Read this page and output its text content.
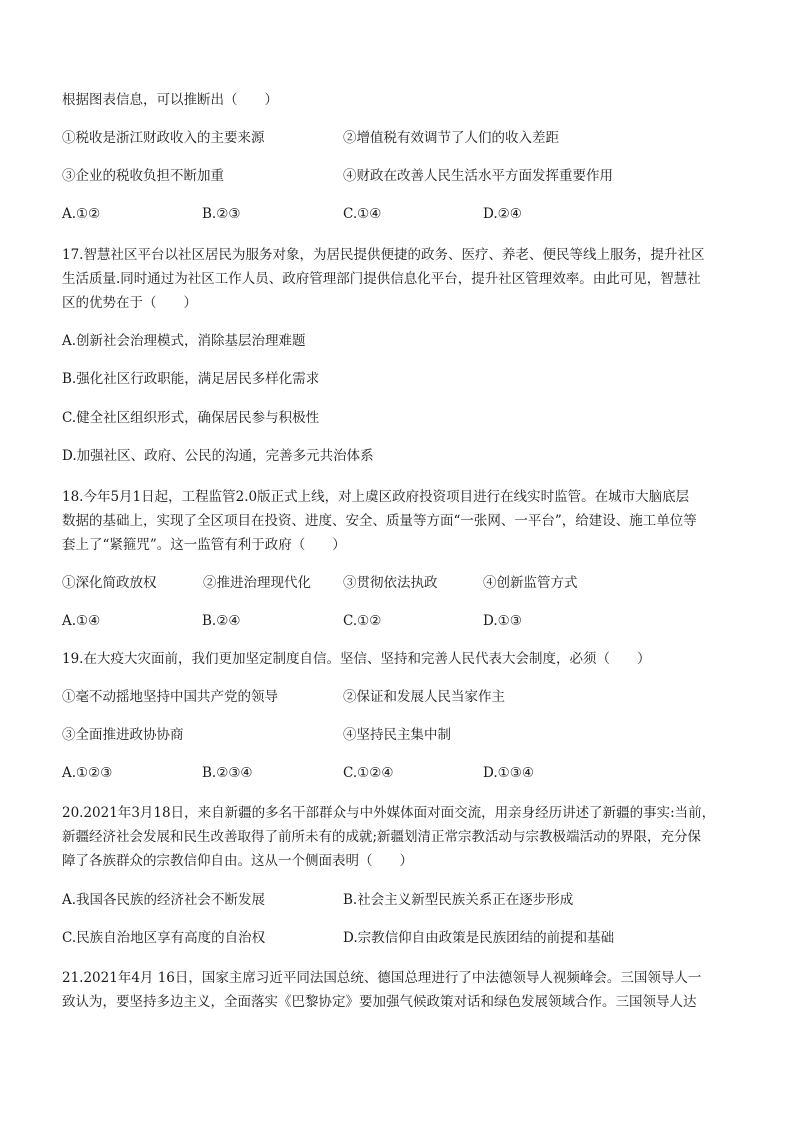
根据图表信息，可以推断出（　　）
①税收是浙江财政收入的主要来源	②增值税有效调节了人们的收入差距
③企业的税收负担不断加重	④财政在改善人民生活水平方面发挥重要作用
A.①②	B.②③	C.①④	D.②④
17.智慧社区平台以社区居民为服务对象，为居民提供便捷的政务、医疗、养老、便民等线上服务，提升社区
生活质量.同时通过为社区工作人员、政府管理部门提供信息化平台，提升社区管理效率。由此可见，智慧社
区的优势在于（　　）
A.创新社会治理模式，消除基层治理难题
B.强化社区行政职能，满足居民多样化需求
C.健全社区组织形式，确保居民参与积极性
D.加强社区、政府、公民的沟通，完善多元共治体系
18.今年5月1日起，工程监管2.0版正式上线，对上虞区政府投资项目进行在线实时监管。在城市大脑底层
数据的基础上，实现了全区项目在投资、进度、安全、质量等方面“一张网、一平台”，给建设、施工单位等
套上了“紧箍咒”。这一监管有利于政府（　　）
①深化简政放权	②推进治理现代化 ③贯彻依法执政	④创新监管方式
A.①④	B.②④	C.①②	D.①③
19.在大疫大灾面前，我们更加坚定制度自信。坚信、坚持和完善人民代表大会制度，必须（　　）
①毫不动摇地坚持中国共产党的领导	②保证和发展人民当家作主
③全面推进政协协商	④坚持民主集中制
A.①②③	B.②③④	C.①②④	D.①③④
20.2021年3月18日，来自新疆的多名干部群众与中外媒体面对面交流，用亲身经历讲述了新疆的事实:当前，
新疆经济社会发展和民生改善取得了前所未有的成就;新疆划清正常宗教活动与宗教极端活动的界限，充分保
障了各族群众的宗教信仰自由。这从一个侧面表明（　　）
A.我国各民族的经济社会不断发展	B.社会主义新型民族关系正在逐步形成
C.民族自治地区享有高度的自治权	D.宗教信仰自由政策是民族团结的前提和基础
21.2021年4月 16日，国家主席习近平同法国总统、德国总理进行了中法德领导人视频峰会。三国领导人一
致认为，要坚持多边主义，全面落实《巴黎协定》要加强气候政策对话和绿色发展领域合作。三国领导人达
